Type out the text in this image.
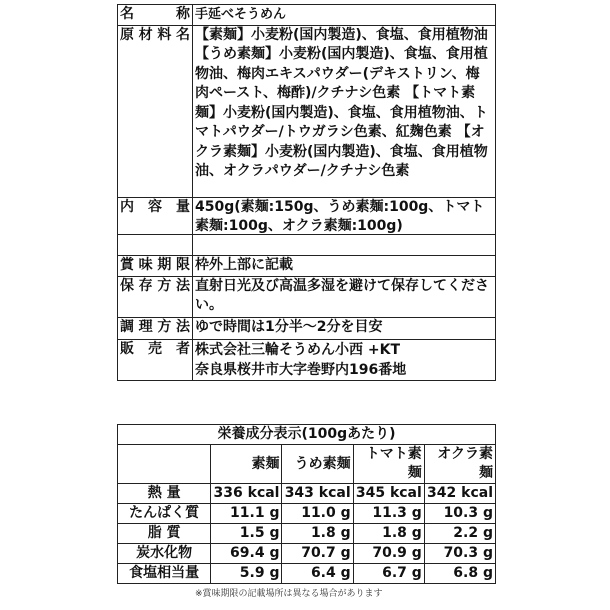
名 称 手延べそうめん
原材料名 【素麺】小麦粉(国内製造)、食塩、食用植物油 【うめ素麺】小麦粉(国内製造)、食塩、食用植物油、梅肉エキスパウダー(デキストリン、梅肉ペースト、梅酢)/クチナシ色素 【トマト素麺】小麦粉(国内製造)、食塩、食用植物油、トマトパウダー/トウガラシ色素、紅麹色素 【オクラ素麺】小麦粉(国内製造)、食塩、食用植物油、オクラパウダー/クチナシ色素
内 容 量 450g(素麺:150g、うめ素麺:100g、トマト素麺:100g、オクラ素麺:100g)
賞味期限 枠外上部に記載
保存方法 直射日光及び高温多湿を避けて保存してください。
調理方法 ゆで時間は1分半～2分を目安
販 売 者 株式会社三輪そうめん小西 +KT
奈良県桜井市大字巻野内196番地
栄養成分表示(100gあたり)				
	素麺	うめ素麺	トマト素麺	オクラ素麺
熱 量	336 kcal	343 kcal	345 kcal	342 kcal
たんぱく質	11.1 g	11.0 g	11.3 g	10.3 g
脂 質	1.5 g	1.8 g	1.8 g	2.2 g
炭水化物	69.4 g	70.7 g	70.9 g	70.3 g
食塩相当量	5.9 g	6.4 g	6.7 g	6.8 g
※賞味期限の記載場所は異なる場合があります
